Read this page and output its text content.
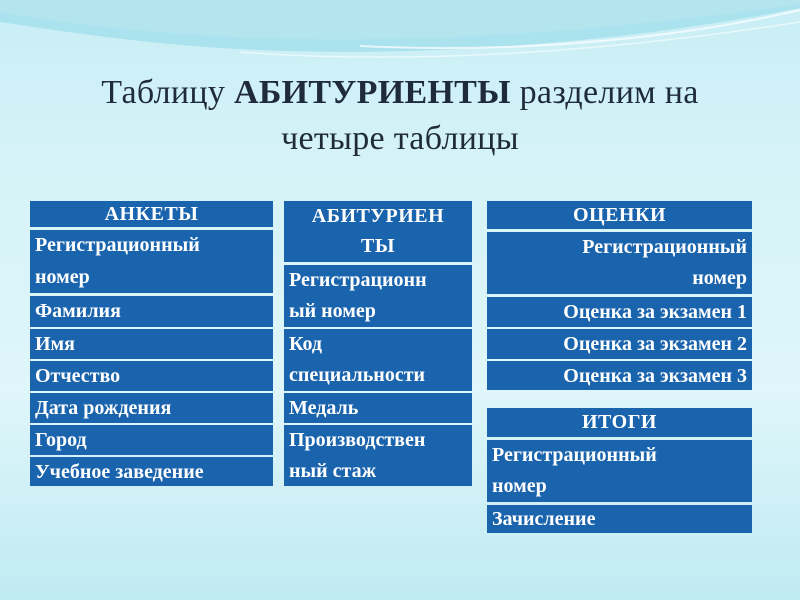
Таблицу АБИТУРИЕНТЫ разделим на
четыре таблицы
АНКЕТЫ
Регистрационный
номер
Фамилия
Имя
Отчество
Дата рождения
Город
Учебное заведение
АБИТУРИЕН
ТЫ
Регистрационн
ый номер
Код
специальности
Медаль
Производствен
ный стаж
ОЦЕНКИ
Регистрационный
номер
Оценка за экзамен 1
Оценка за экзамен 2
Оценка за экзамен 3
ИТОГИ
Регистрационный
номер
Зачисление
